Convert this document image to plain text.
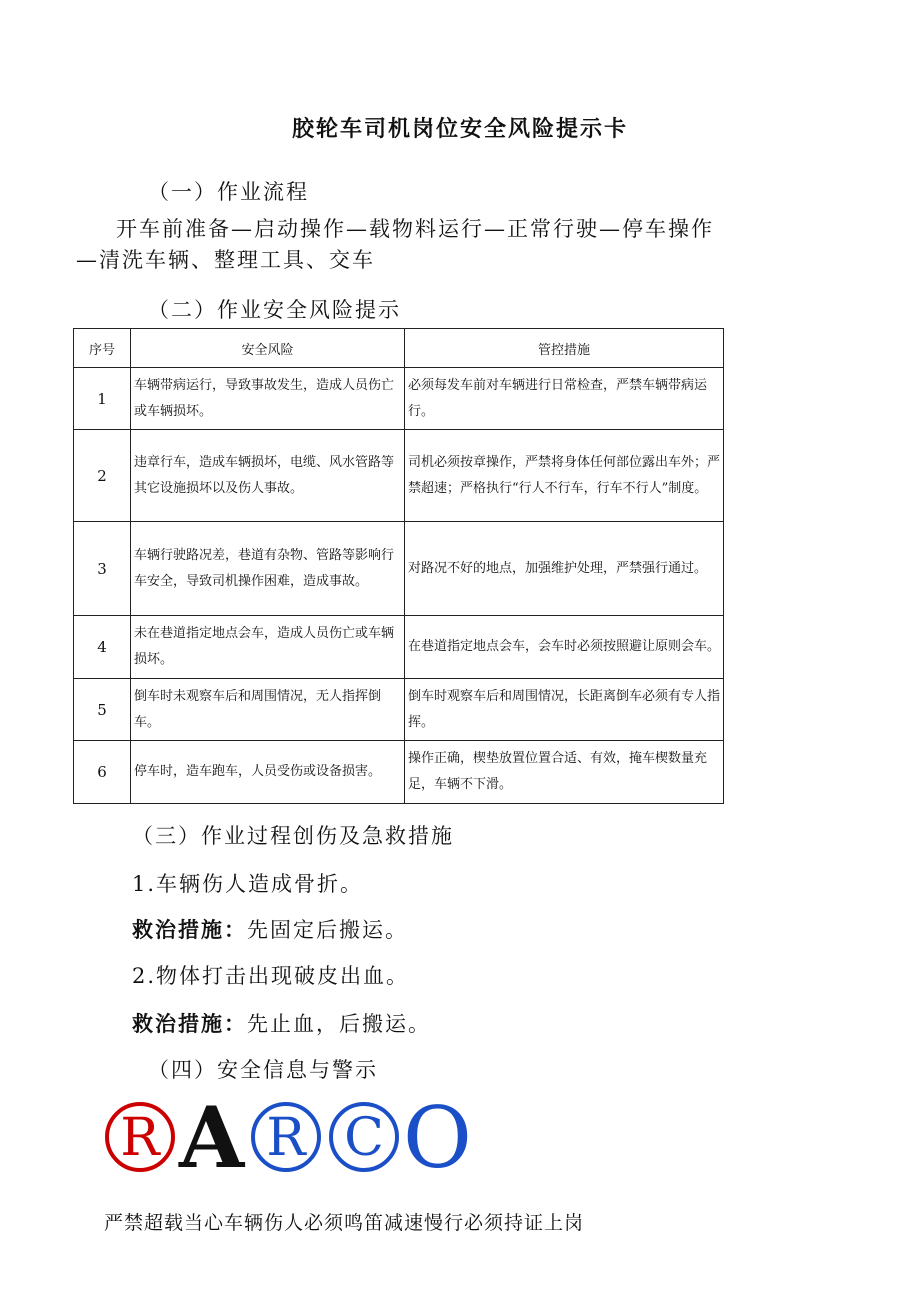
胶轮车司机岗位安全风险提示卡
（一）作业流程
开车前准备—启动操作—载物料运行—正常行驶—停车操作—清洗车辆、整理工具、交车
（二）作业安全风险提示
序号	安全风险	管控措施
1	车辆带病运行，导致事故发生，造成人员伤亡或车辆损坏。	必须每发车前对车辆进行日常检查，严禁车辆带病运行。
2	违章行车，造成车辆损坏，电缆、风水管路等其它设施损坏以及伤人事故。	司机必须按章操作，严禁将身体任何部位露出车外；严禁超速；严格执行“行人不行车，行车不行人”制度。
3	车辆行驶路况差，巷道有杂物、管路等影响行车安全，导致司机操作困难，造成事故。	对路况不好的地点，加强维护处理，严禁强行通过。
4	未在巷道指定地点会车，造成人员伤亡或车辆损坏。	在巷道指定地点会车，会车时必须按照避让原则会车。
5	倒车时未观察车后和周围情况，无人指挥倒车。	倒车时观察车后和周围情况，长距离倒车必须有专人指挥。
6	停车时，造车跑车，人员受伤或设备损害。	操作正确，楔垫放置位置合适、有效，掩车楔数量充足，车辆不下滑。
（三）作业过程创伤及急救措施
1.车辆伤人造成骨折。
救治措施：先固定后搬运。
2.物体打击出现破皮出血。
救治措施：先止血，后搬运。
（四）安全信息与警示
R A R C O
严禁超载当心车辆伤人必须鸣笛减速慢行必须持证上岗
